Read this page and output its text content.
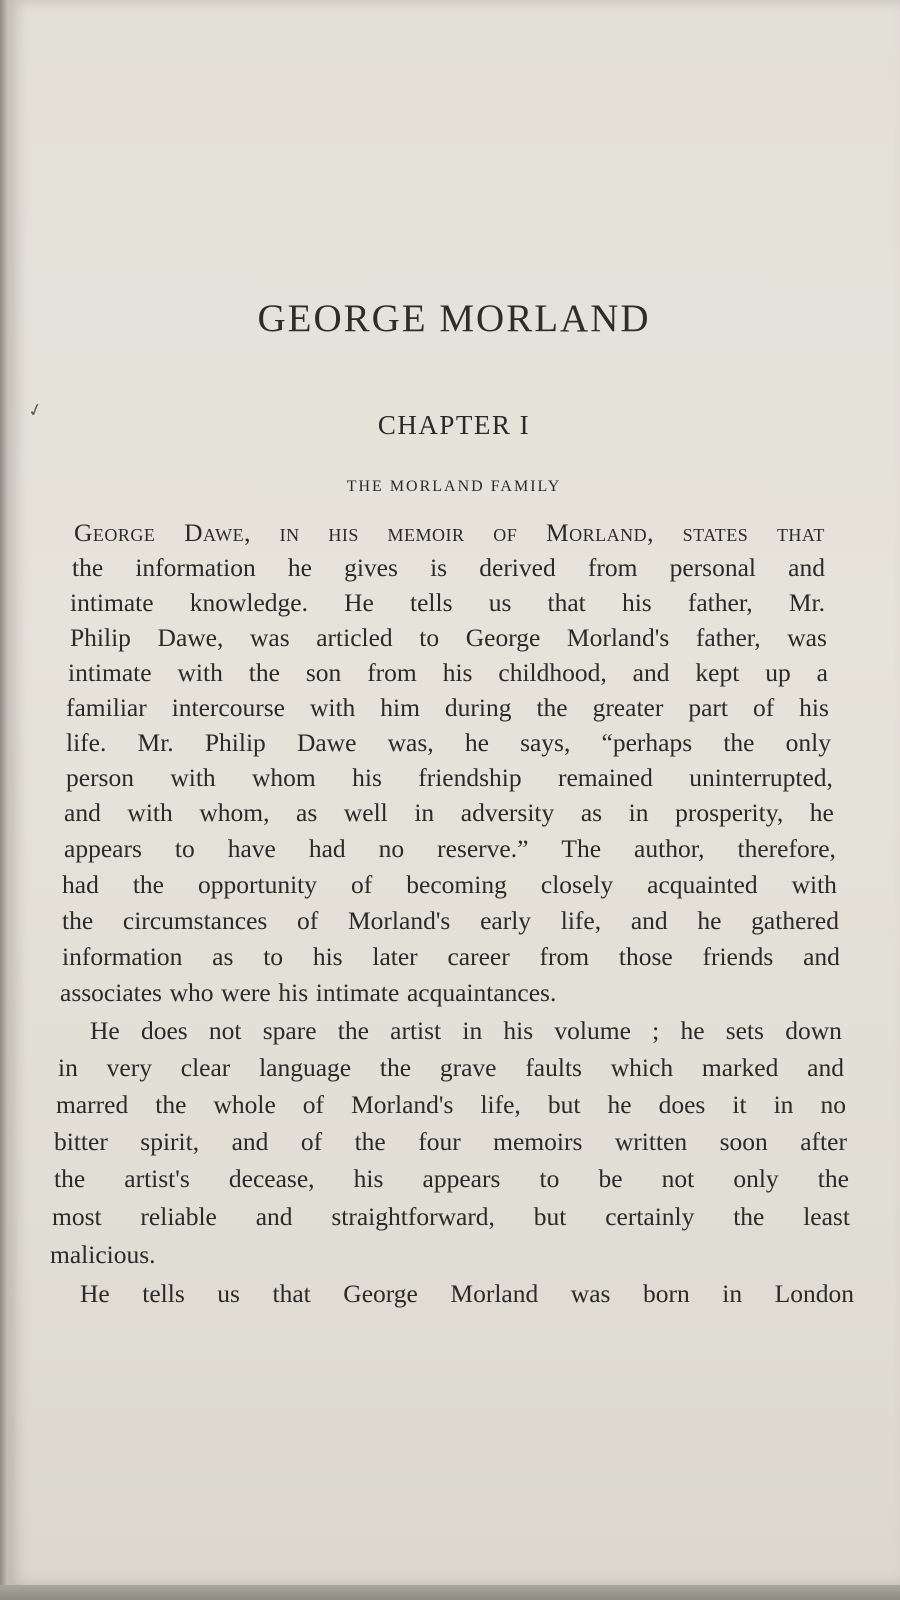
GEORGE MORLAND
✓	CHAPTER I
THE MORLAND FAMILY
George Dawe, in his memoir of Morland, states that
the information he gives is derived from personal and
intimate knowledge. He tells us that his father, Mr.
Philip Dawe, was articled to George Morland's father, was
intimate with the son from his childhood, and kept up a
familiar intercourse with him during the greater part of his
life. Mr. Philip Dawe was, he says, “perhaps the only
person with whom his friendship remained uninterrupted,
and with whom, as well in adversity as in prosperity, he
appears to have had no reserve.” The author, therefore,
had the opportunity of becoming closely acquainted with
the circumstances of Morland's early life, and he gathered
information as to his later career from those friends and
associates who were his intimate acquaintances.
He does not spare the artist in his volume ; he sets down
in very clear language the grave faults which marked and
marred the whole of Morland's life, but he does it in no
bitter spirit, and of the four memoirs written soon after
the artist's decease, his appears to be not only the
most reliable and straightforward, but certainly the least
malicious.
He tells us that George Morland was born in London
